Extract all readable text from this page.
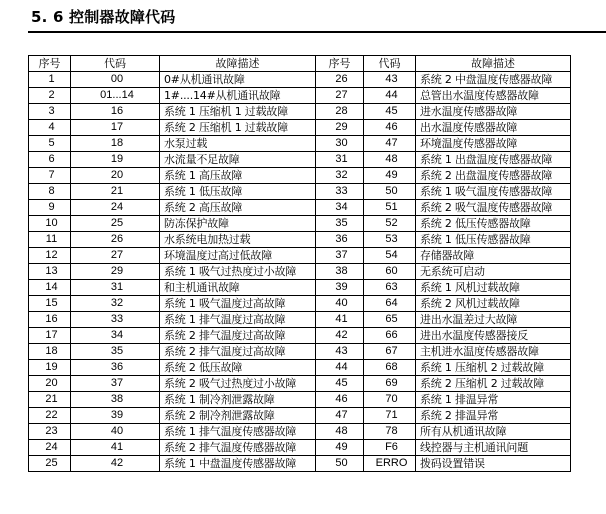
5. 6 控制器故障代码
序号	代码	故障描述	序号	代码	故障描述
1	00	0#从机通讯故障	26	43	系统 2 中盘温度传感器故障
2	01...14	1#....14#从机通讯故障	27	44	总管出水温度传感器故障
3	16	系统 1 压缩机 1 过载故障	28	45	进水温度传感器故障
4	17	系统 2 压缩机 1 过载故障	29	46	出水温度传感器故障
5	18	水泵过载	30	47	环境温度传感器故障
6	19	水流量不足故障	31	48	系统 1 出盘温度传感器故障
7	20	系统 1 高压故障	32	49	系统 2 出盘温度传感器故障
8	21	系统 1 低压故障	33	50	系统 1 吸气温度传感器故障
9	24	系统 2 高压故障	34	51	系统 2 吸气温度传感器故障
10	25	防冻保护故障	35	52	系统 2 低压传感器故障
11	26	水系统电加热过载	36	53	系统 1 低压传感器故障
12	27	环境温度过高过低故障	37	54	存储器故障
13	29	系统 1 吸气过热度过小故障	38	60	无系统可启动
14	31	和主机通讯故障	39	63	系统 1 风机过载故障
15	32	系统 1 吸气温度过高故障	40	64	系统 2 风机过载故障
16	33	系统 1 排气温度过高故障	41	65	进出水温差过大故障
17	34	系统 2 排气温度过高故障	42	66	进出水温度传感器接反
18	35	系统 2 排气温度过高故障	43	67	主机进水温度传感器故障
19	36	系统 2 低压故障	44	68	系统 1 压缩机 2 过载故障
20	37	系统 2 吸气过热度过小故障	45	69	系统 2 压缩机 2 过载故障
21	38	系统 1 制冷剂泄露故障	46	70	系统 1 排温异常
22	39	系统 2 制冷剂泄露故障	47	71	系统 2 排温异常
23	40	系统 1 排气温度传感器故障	48	78	所有从机通讯故障
24	41	系统 2 排气温度传感器故障	49	F6	线控器与主机通讯问题
25	42	系统 1 中盘温度传感器故障	50	ERRO	拨码设置错误
